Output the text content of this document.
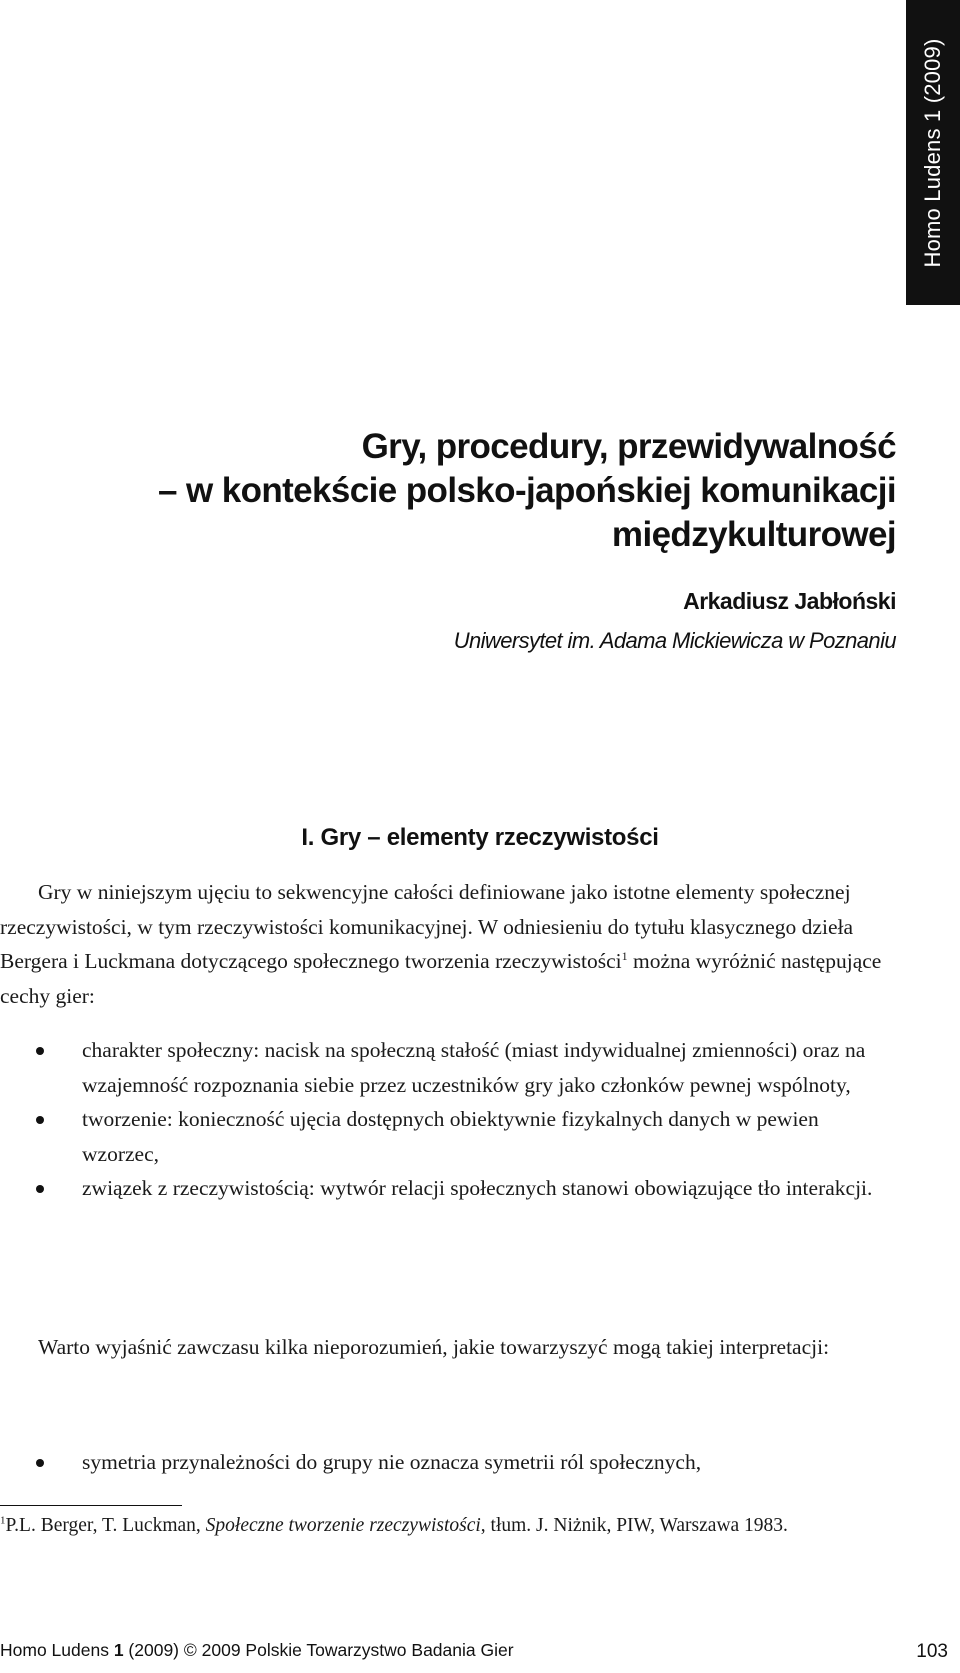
Homo Ludens 1 (2009)
Gry, procedury, przewidywalność
– w kontekście polsko-japońskiej komunikacji
międzykulturowej

Arkadiusz Jabłoński

Uniwersytet im. Adama Mickiewicza w Poznaniu

I. Gry – elementy rzeczywistości

Gry w niniejszym ujęciu to sekwencyjne całości definiowane jako istotne elementy społecznej rzeczywistości, w tym rzeczywistości komunikacyjnej. W odniesieniu do tytułu klasycznego dzieła Bergera i Luckmana dotyczącego społecznego tworzenia rzeczywistości$^1$ można wyróżnić następujące cechy gier:

charakter społeczny: nacisk na społeczną stałość (miast indywidualnej zmienności) oraz na wzajemność rozpoznania siebie przez uczestników gry jako członków pewnej wspólnoty,
tworzenie: konieczność ujęcia dostępnych obiektywnie fizykalnych danych w pewien wzorzec,
związek z rzeczywistością: wytwór relacji społecznych stanowi obowiązujące tło interakcji.

Warto wyjaśnić zawczasu kilka nieporozumień, jakie towarzyszyć mogą takiej interpretacji:

symetria przynależności do grupy nie oznacza symetrii ról społecznych,

$^1$P.L. Berger, T. Luckman, Społeczne tworzenie rzeczywistości, tłum. J. Niżnik, PIW, Warszawa 1983.

Homo Ludens 1 (2009) © 2009 Polskie Towarzystwo Badania Gier	103
